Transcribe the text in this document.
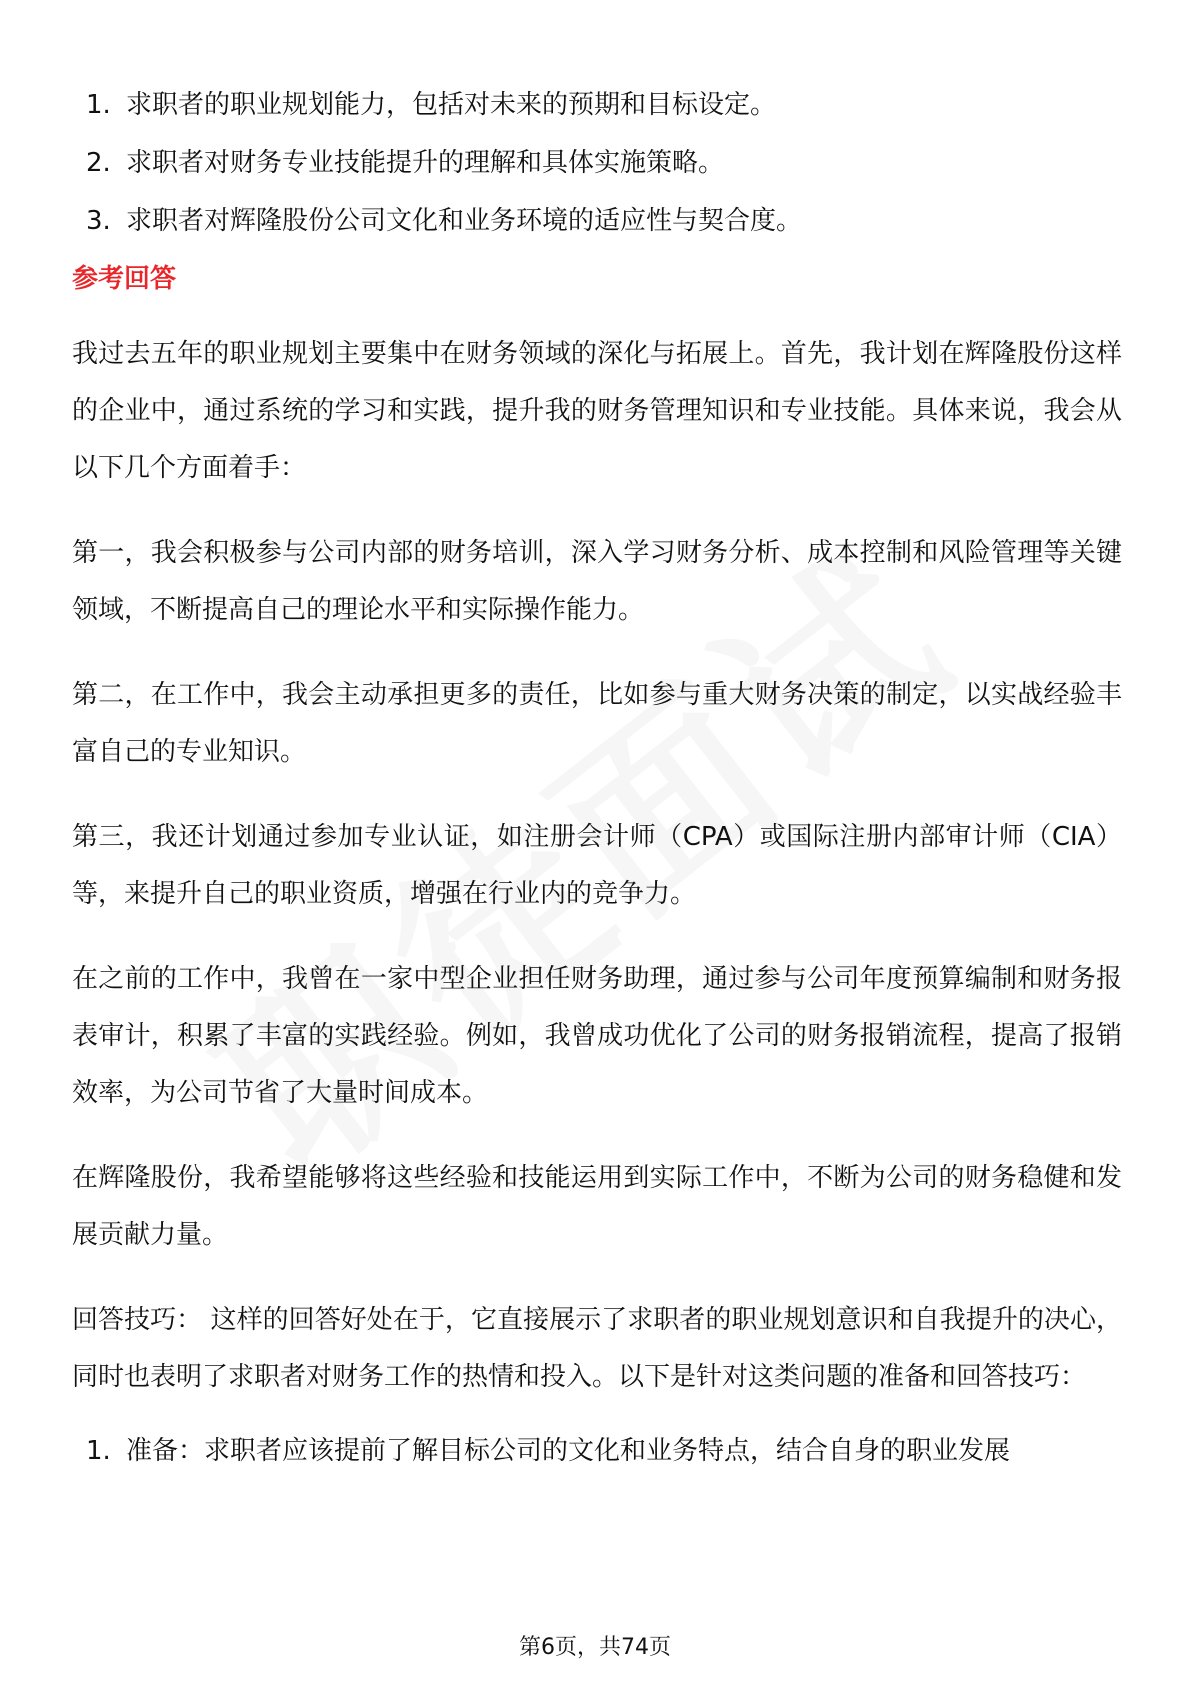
1. 求职者的职业规划能力，包括对未来的预期和目标设定。
2. 求职者对财务专业技能提升的理解和具体实施策略。
3. 求职者对辉隆股份公司文化和业务环境的适应性与契合度。
参考回答

我过去五年的职业规划主要集中在财务领域的深化与拓展上。首先，我计划在辉隆股份这样的企业中，通过系统的学习和实践，提升我的财务管理知识和专业技能。具体来说，我会从以下几个方面着手：

第一，我会积极参与公司内部的财务培训，深入学习财务分析、成本控制和风险管理等关键领域，不断提高自己的理论水平和实际操作能力。

第二，在工作中，我会主动承担更多的责任，比如参与重大财务决策的制定，以实战经验丰富自己的专业知识。

第三，我还计划通过参加专业认证，如注册会计师（CPA）或国际注册内部审计师（CIA）等，来提升自己的职业资质，增强在行业内的竞争力。

在之前的工作中，我曾在一家中型企业担任财务助理，通过参与公司年度预算编制和财务报表审计，积累了丰富的实践经验。例如，我曾成功优化了公司的财务报销流程，提高了报销效率，为公司节省了大量时间成本。

在辉隆股份，我希望能够将这些经验和技能运用到实际工作中，不断为公司的财务稳健和发展贡献力量。

回答技巧： 这样的回答好处在于，它直接展示了求职者的职业规划意识和自我提升的决心，同时也表明了求职者对财务工作的热情和投入。以下是针对这类问题的准备和回答技巧：

1. 准备：求职者应该提前了解目标公司的文化和业务特点，结合自身的职业发展
第6页，共74页
